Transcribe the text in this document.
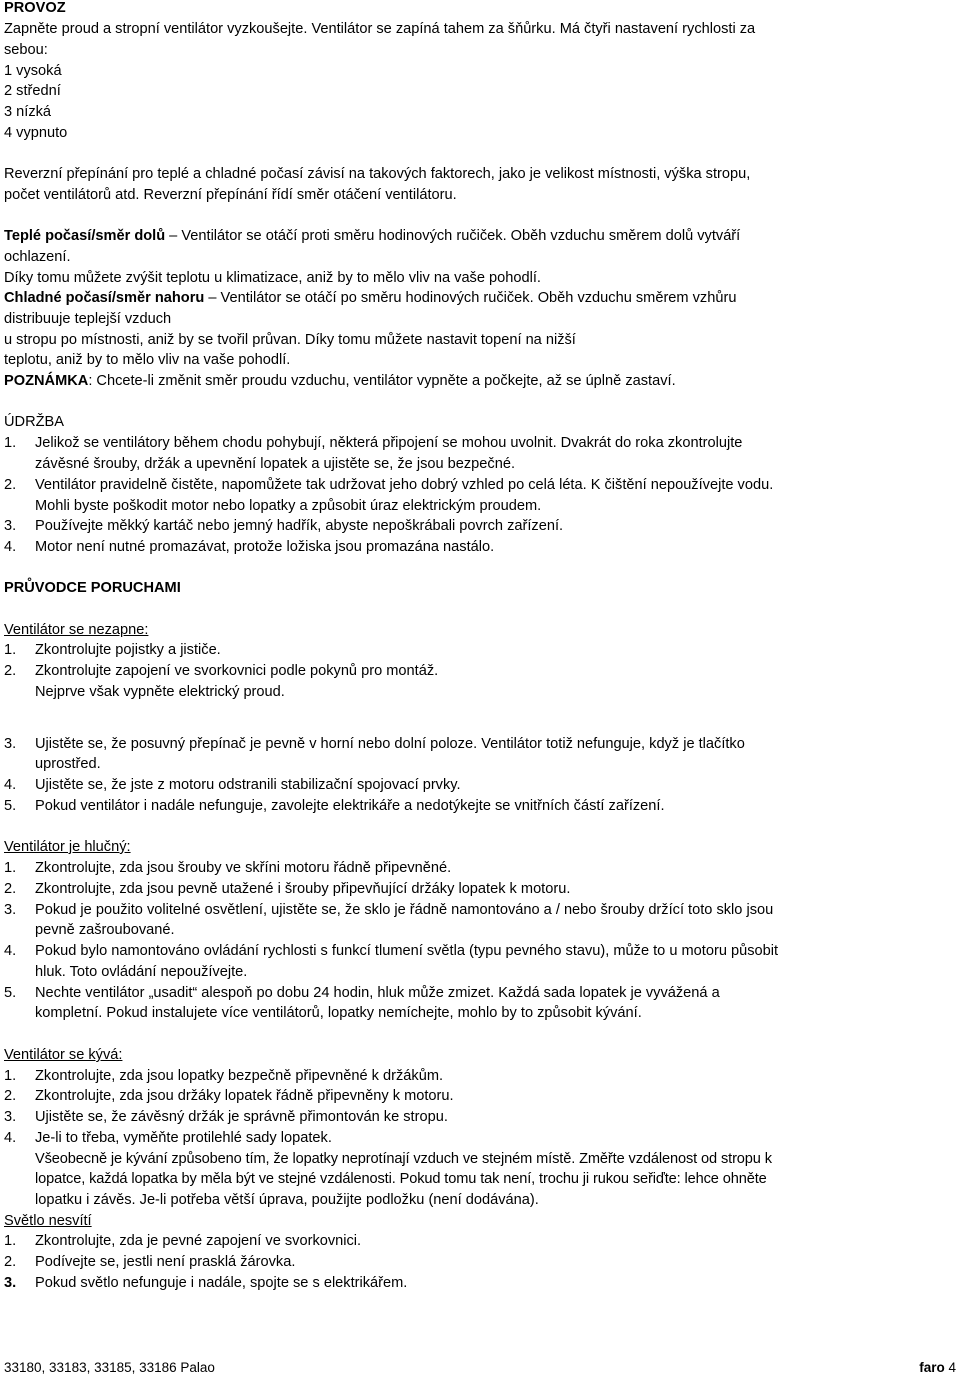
PROVOZ
Zapněte proud a stropní ventilátor vyzkoušejte. Ventilátor se zapíná tahem za šňůrku. Má čtyři nastavení rychlosti za
sebou:
1 vysoká
2 střední
3 nízká
4 vypnuto
Reverzní přepínání pro teplé a chladné počasí závisí na takových faktorech, jako je velikost místnosti, výška stropu,
počet ventilátorů atd. Reverzní přepínání řídí směr otáčení ventilátoru.
Teplé počasí/směr dolů – Ventilátor se otáčí proti směru hodinových ručiček. Oběh vzduchu směrem dolů vytváří
ochlazení.
Díky tomu můžete zvýšit teplotu u klimatizace, aniž by to mělo vliv na vaše pohodlí.
Chladné počasí/směr nahoru – Ventilátor se otáčí po směru hodinových ručiček. Oběh vzduchu směrem vzhůru
distribuuje teplejší vzduch
u stropu po místnosti, aniž by se tvořil průvan. Díky tomu můžete nastavit topení na nižší
teplotu, aniž by to mělo vliv na vaše pohodlí.
POZNÁMKA: Chcete-li změnit směr proudu vzduchu, ventilátor vypněte a počkejte, až se úplně zastaví.
ÚDRŽBA
1. Jelikož se ventilátory během chodu pohybují, některá připojení se mohou uvolnit. Dvakrát do roka zkontrolujte
závěsné šrouby, držák a upevnění lopatek a ujistěte se, že jsou bezpečné.
2. Ventilátor pravidelně čistěte, napomůžete tak udržovat jeho dobrý vzhled po celá léta. K čištění nepoužívejte vodu.
Mohli byste poškodit motor nebo lopatky a způsobit úraz elektrickým proudem.
3. Používejte měkký kartáč nebo jemný hadřík, abyste nepoškrábali povrch zařízení.
4. Motor není nutné promazávat, protože ložiska jsou promazána nastálo.
PRŮVODCE PORUCHAMI
Ventilátor se nezapne:
1. Zkontrolujte pojistky a jističe.
2. Zkontrolujte zapojení ve svorkovnici podle pokynů pro montáž.
Nejprve však vypněte elektrický proud.
3. Ujistěte se, že posuvný přepínač je pevně v horní nebo dolní poloze. Ventilátor totiž nefunguje, když je tlačítko
uprostřed.
4. Ujistěte se, že jste z motoru odstranili stabilizační spojovací prvky.
5. Pokud ventilátor i nadále nefunguje, zavolejte elektrikáře a nedotýkejte se vnitřních částí zařízení.
Ventilátor je hlučný:
1. Zkontrolujte, zda jsou šrouby ve skříni motoru řádně připevněné.
2. Zkontrolujte, zda jsou pevně utažené i šrouby připevňující držáky lopatek k motoru.
3. Pokud je použito volitelné osvětlení, ujistěte se, že sklo je řádně namontováno a / nebo šrouby držící toto sklo jsou
pevně zašroubované.
4. Pokud bylo namontováno ovládání rychlosti s funkcí tlumení světla (typu pevného stavu), může to u motoru působit
hluk. Toto ovládání nepoužívejte.
5. Nechte ventilátor „usadit“ alespoň po dobu 24 hodin, hluk může zmizet. Každá sada lopatek je vyvážená a
kompletní. Pokud instalujete více ventilátorů, lopatky nemíchejte, mohlo by to způsobit kývání.
Ventilátor se kývá:
1. Zkontrolujte, zda jsou lopatky bezpečně připevněné k držákům.
2. Zkontrolujte, zda jsou držáky lopatek řádně připevněny k motoru.
3. Ujistěte se, že závěsný držák je správně přimontován ke stropu.
4. Je-li to třeba, vyměňte protilehlé sady lopatek.
Všeobecně je kývání způsobeno tím, že lopatky neprotínají vzduch ve stejném místě. Změřte vzdálenost od stropu k
lopatce, každá lopatka by měla být ve stejné vzdálenosti. Pokud tomu tak není, trochu ji rukou seřiďte: lehce ohněte
lopatku i závěs. Je-li potřeba větší úprava, použijte podložku (není dodávána).
Světlo nesvítí
1. Zkontrolujte, zda je pevné zapojení ve svorkovnici.
2. Podívejte se, jestli není prasklá žárovka.
3. Pokud světlo nefunguje i nadále, spojte se s elektrikářem.
33180, 33183, 33185, 33186 Palao	faro 4
